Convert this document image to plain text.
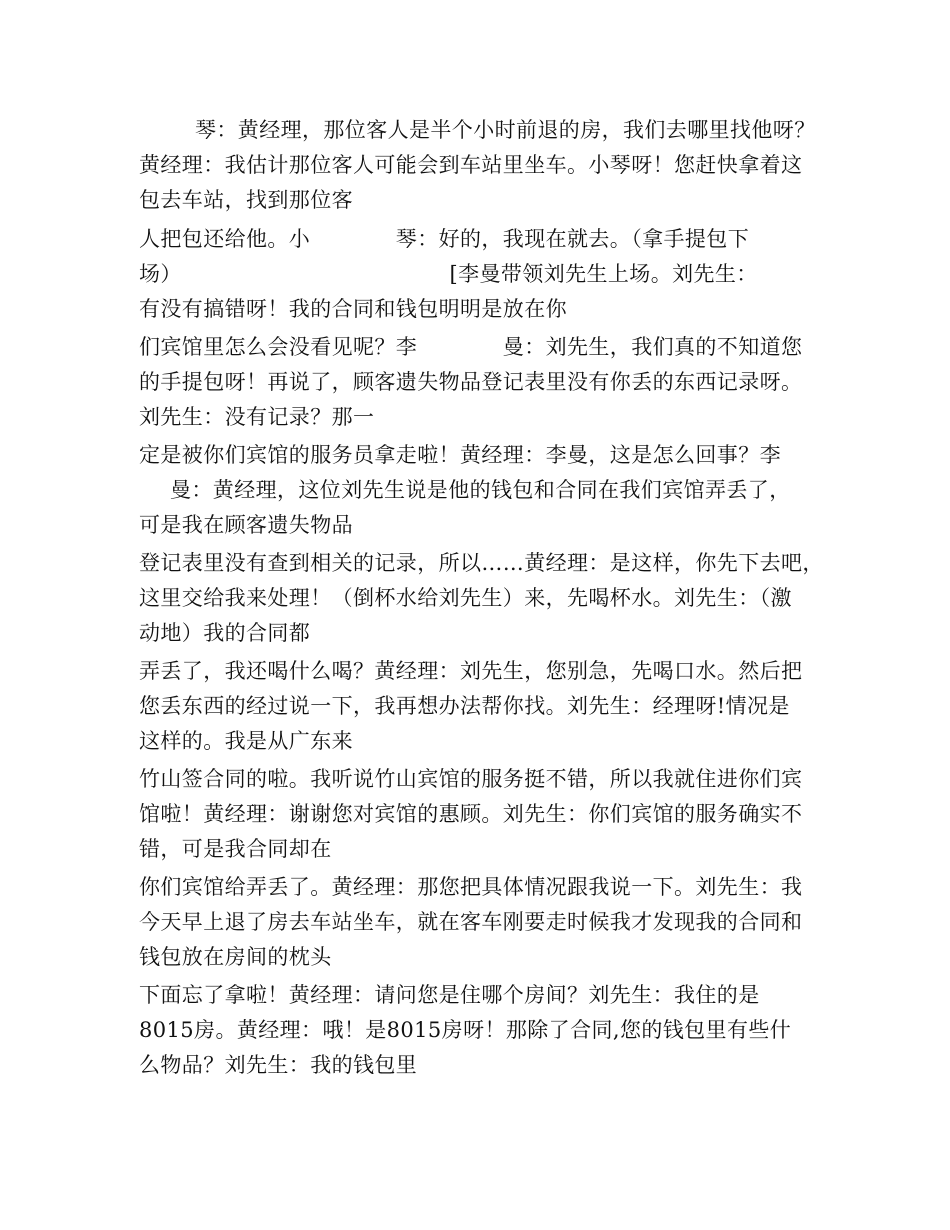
琴：黄经理，那位客人是半个小时前退的房，我们去哪里找他呀？
黄经理：我估计那位客人可能会到车站里坐车。小琴呀！您赶快拿着这
包去车站，找到那位客
人把包还给他。小　　　　琴：好的，我现在就去。（拿手提包下
场）　　　　　　　　　　　　　[李曼带领刘先生上场。刘先生：
有没有搞错呀！我的合同和钱包明明是放在你
们宾馆里怎么会没看见呢？李　　　　曼：刘先生，我们真的不知道您
的手提包呀！再说了，顾客遗失物品登记表里没有你丢的东西记录呀。
刘先生：没有记录？那一
定是被你们宾馆的服务员拿走啦！黄经理：李曼，这是怎么回事？李
曼：黄经理，这位刘先生说是他的钱包和合同在我们宾馆弄丢了，
可是我在顾客遗失物品
登记表里没有查到相关的记录，所以……黄经理：是这样，你先下去吧，
这里交给我来处理！（倒杯水给刘先生）来，先喝杯水。刘先生：（激
动地）我的合同都
弄丢了，我还喝什么喝？黄经理：刘先生，您别急，先喝口水。然后把
您丢东西的经过说一下，我再想办法帮你找。刘先生：经理呀!情况是
这样的。我是从广东来
竹山签合同的啦。我听说竹山宾馆的服务挺不错，所以我就住进你们宾
馆啦！黄经理：谢谢您对宾馆的惠顾。刘先生：你们宾馆的服务确实不
错，可是我合同却在
你们宾馆给弄丢了。黄经理：那您把具体情况跟我说一下。刘先生：我
今天早上退了房去车站坐车，就在客车刚要走时候我才发现我的合同和
钱包放在房间的枕头
下面忘了拿啦！黄经理：请问您是住哪个房间？刘先生：我住的是
8015房。黄经理：哦！是8015房呀！那除了合同,您的钱包里有些什
么物品？刘先生：我的钱包里
